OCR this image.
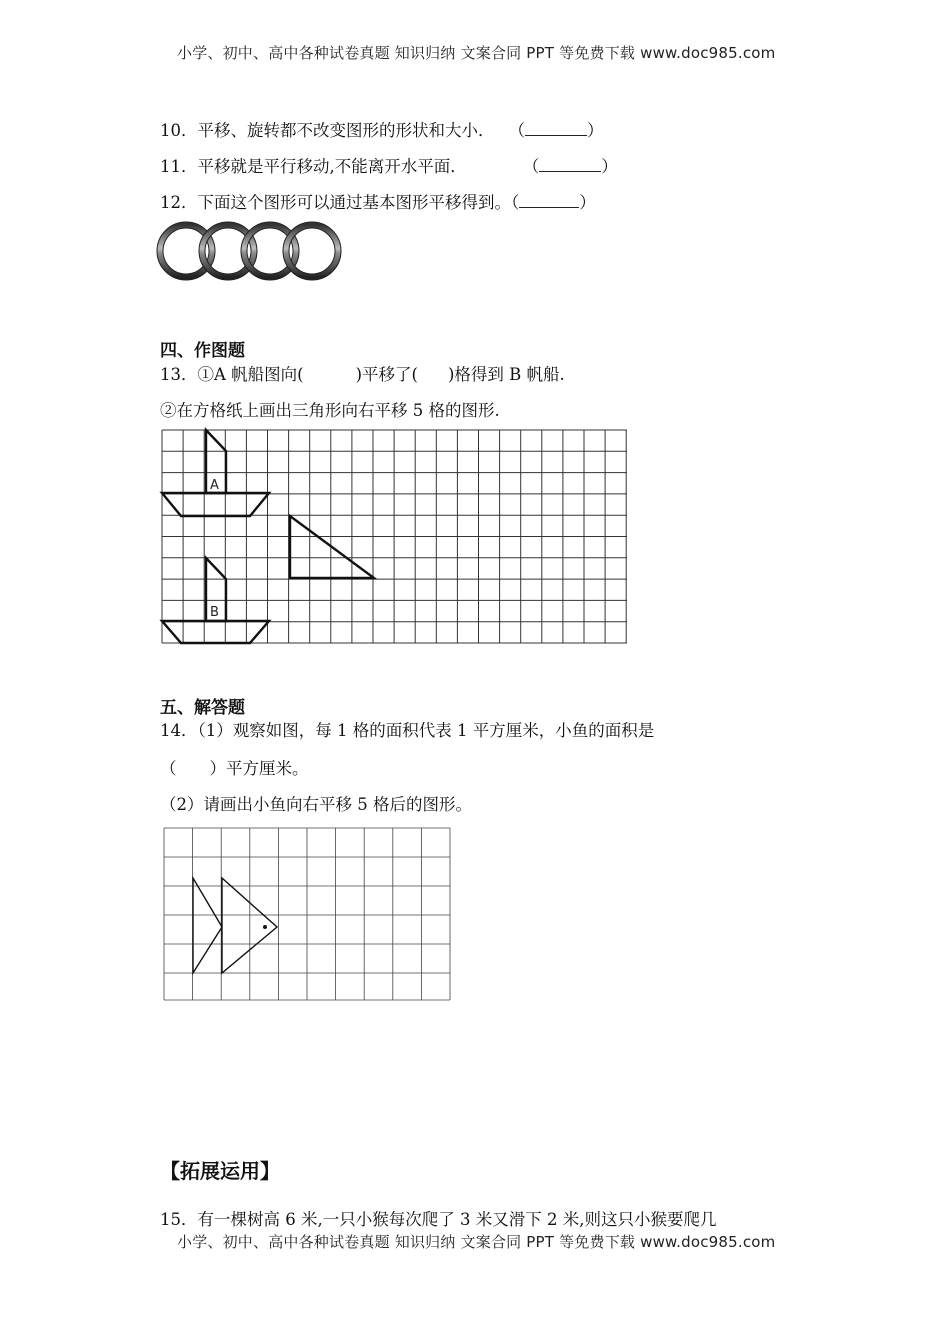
小学、初中、高中各种试卷真题 知识归纳 文案合同 PPT 等免费下载 www.doc985.com
10．平移、旋转都不改变图形的形状和大小． （	）
11．平移就是平行移动,不能离开水平面．	（	）
12．下面这个图形可以通过基本图形平移得到。（	）
四、作图题
13．①A 帆船图向(	)平移了( )格得到 B 帆船.
②在方格纸上画出三角形向右平移 5 格的图形.
A
B
五、解答题
14．（1）观察如图，每 1 格的面积代表 1 平方厘米，小鱼的面积是
（　　）平方厘米。
（2）请画出小鱼向右平移 5 格后的图形。
【拓展运用】
15．有一棵树高 6 米,一只小猴每次爬了 3 米又滑下 2 米,则这只小猴要爬几
小学、初中、高中各种试卷真题 知识归纳 文案合同 PPT 等免费下载 www.doc985.com
